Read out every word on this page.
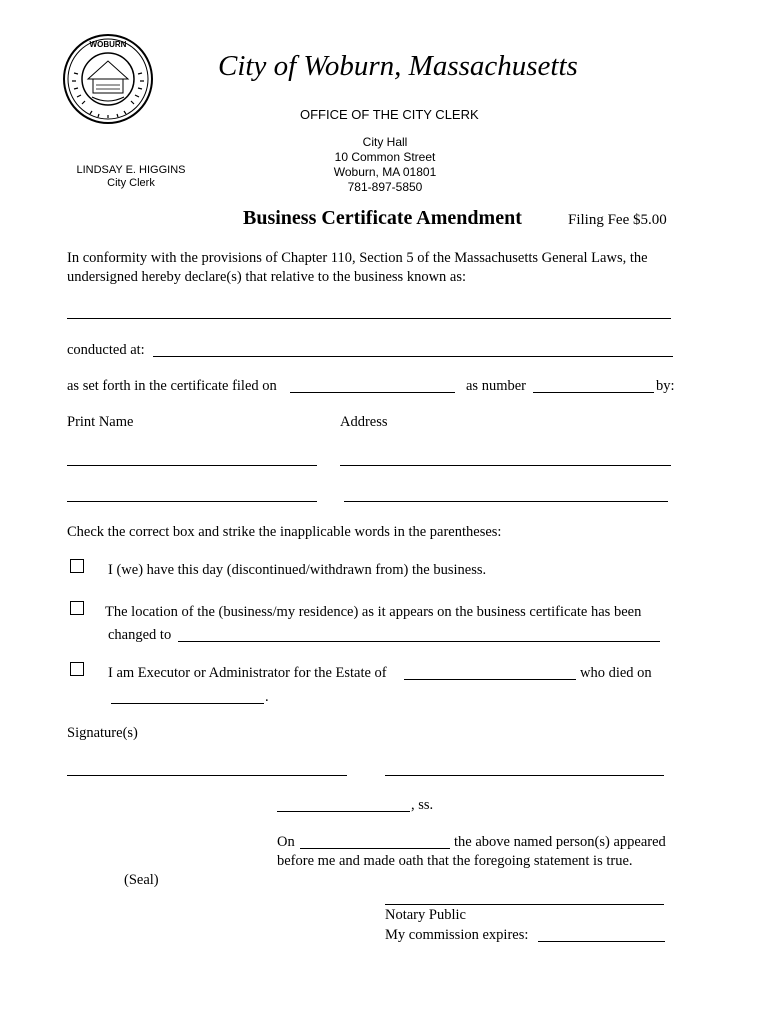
WOBURN
City of Woburn, Massachusetts
OFFICE OF THE CITY CLERK
City Hall
10 Common Street
Woburn, MA 01801
781-897-5850
LINDSAY E. HIGGINS
City Clerk
Business Certificate Amendment	Filing Fee $5.00
In conformity with the provisions of Chapter 110, Section 5 of the Massachusetts General Laws, the
undersigned hereby declare(s) that relative to the business known as:
conducted at:
as set forth in the certificate filed on	as number	by:
Print Name	Address
Check the correct box and strike the inapplicable words in the parentheses:
I (we) have this day (discontinued/withdrawn from) the business.
The location of the (business/my residence) as it appears on the business certificate has been
changed to
I am Executor or Administrator for the Estate of	who died on
.
Signature(s)
, ss.
On	the above named person(s) appeared
before me and made oath that the foregoing statement is true.
(Seal)
Notary Public
My commission expires:
